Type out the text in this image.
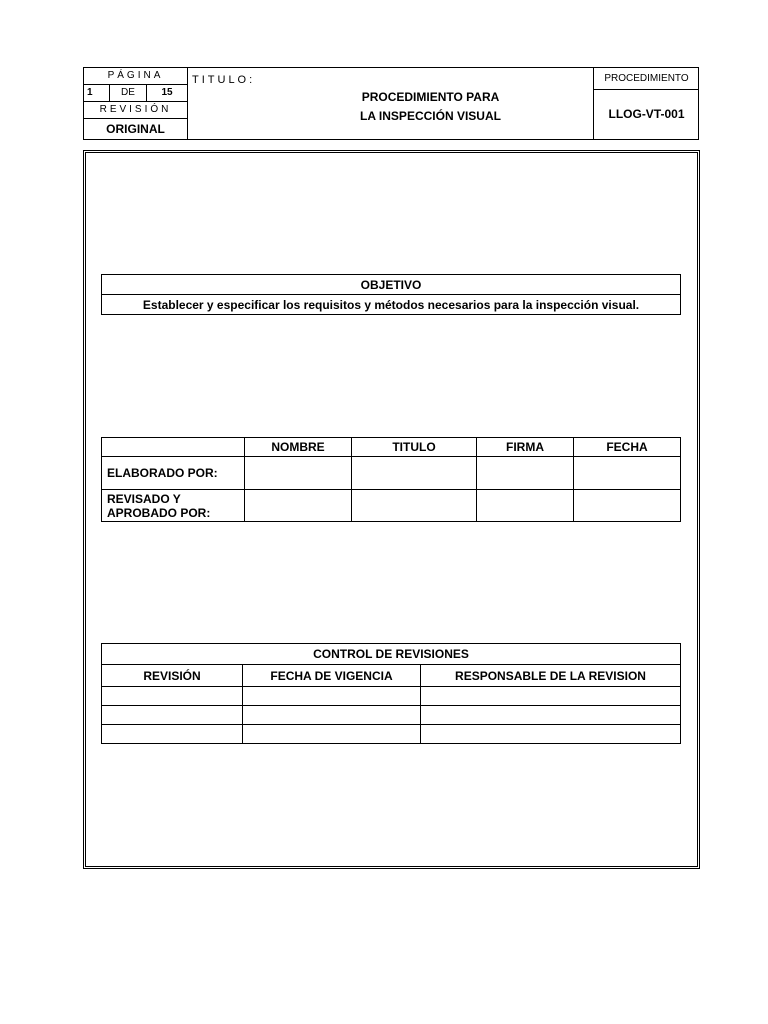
PÁGINA
1	DE	15
REVISIÓN
ORIGINAL
TITULO:
PROCEDIMIENTO PARA
LA INSPECCIÓN VISUAL
PROCEDIMIENTO
LLOG-VT-001
OBJETIVO
Establecer y especificar los requisitos y métodos necesarios para la inspección visual.
	NOMBRE	TITULO	FIRMA	FECHA
ELABORADO POR:				
REVISADO Y APROBADO POR:				
CONTROL DE REVISIONES		
REVISIÓN	FECHA DE VIGENCIA	RESPONSABLE DE LA REVISION
